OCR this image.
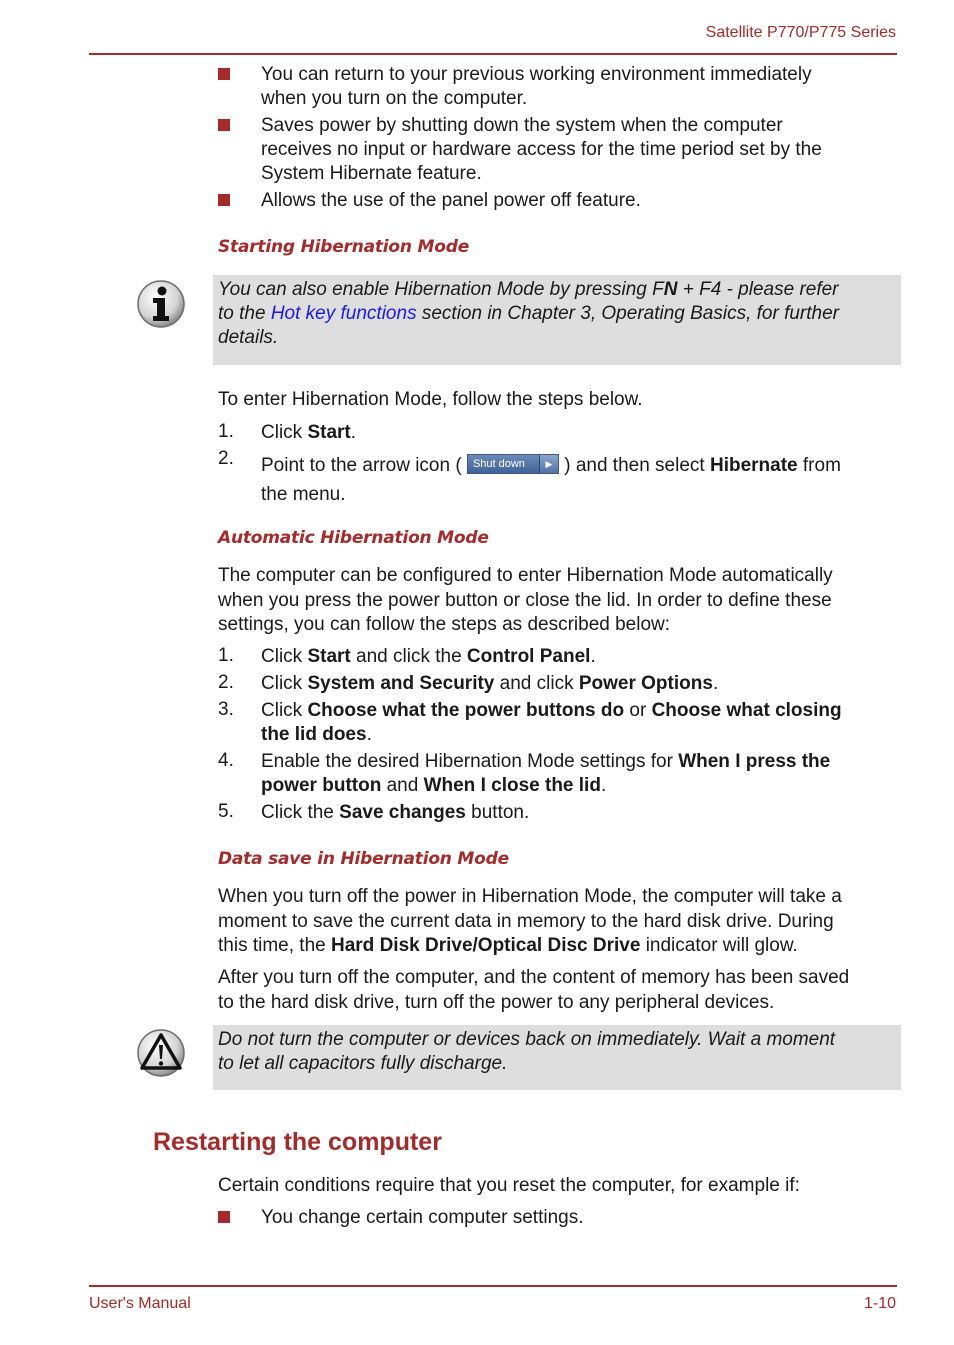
Satellite P770/P775 Series
You can return to your previous working environment immediately
when you turn on the computer.
Saves power by shutting down the system when the computer
receives no input or hardware access for the time period set by the
System Hibernate feature.
Allows the use of the panel power off feature.
Starting Hibernation Mode
You can also enable Hibernation Mode by pressing FN + F4 - please refer
to the Hot key functions section in Chapter 3, Operating Basics, for further
details.
To enter Hibernation Mode, follow the steps below.
1. Click Start.
2. Point to the arrow icon ( Shut down	▶ ) and then select Hibernate from
the menu.
Automatic Hibernation Mode
The computer can be configured to enter Hibernation Mode automatically
when you press the power button or close the lid. In order to define these
settings, you can follow the steps as described below:
1. Click Start and click the Control Panel.
2. Click System and Security and click Power Options.
3. Click Choose what the power buttons do or Choose what closing
the lid does.
4. Enable the desired Hibernation Mode settings for When I press the
power button and When I close the lid.
5. Click the Save changes button.
Data save in Hibernation Mode
When you turn off the power in Hibernation Mode, the computer will take a
moment to save the current data in memory to the hard disk drive. During
this time, the Hard Disk Drive/Optical Disc Drive indicator will glow.
After you turn off the computer, and the content of memory has been saved
to the hard disk drive, turn off the power to any peripheral devices.
Do not turn the computer or devices back on immediately. Wait a moment
to let all capacitors fully discharge.
Restarting the computer
Certain conditions require that you reset the computer, for example if:
You change certain computer settings.
User's Manual	1-10
